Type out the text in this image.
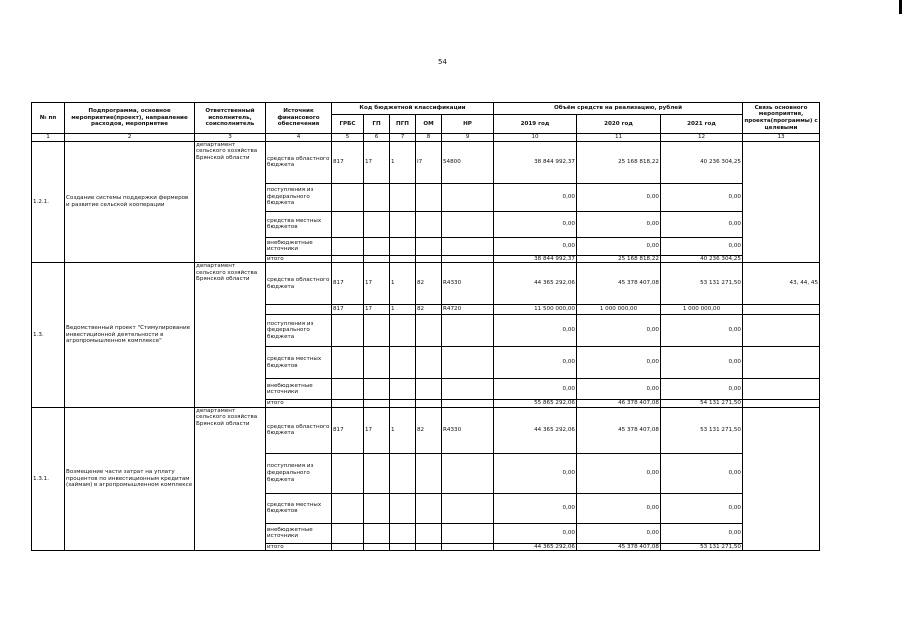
54
№ пп	Подпрограмма, основное мероприятие(проект), направление расходов, мероприятие	Ответственный исполнитель, соисполнитель	Источник финансового обеспечения	Код бюджетной классификации					Объём средств на реализацию, рублей			Связь основного мероприятия, проекта(программы) с целевыми
				ГРБС	ГП	ПГП	ОМ	НР	2019 год	2020 год	2021 год	
1	2	3	4	5	6	7	8	9	10	11	12	13
1.2.1.	Создание системы поддержки фермеров и развитие сельской кооперации	департамент сельского хозяйства Брянской области	средства областного бюджета	817	17	1	I7	54800	38 844 992,37	25 168 818,22	40 236 304,25	
			поступления из федерального бюджета						0,00	0,00	0,00	
			средства местных бюджетов						0,00	0,00	0,00	
			внебюджетные источники						0,00	0,00	0,00	
			итого						38 844 992,37	25 168 818,22	40 236 304,25	
1.3.	Ведомственный проект "Стимулирование инвестиционной деятельности в агропромышленном комплексе"	департамент сельского хозяйства Брянской области	средства областного бюджета	817	17	1	82	R4330	44 365 292,06	45 378 407,08	53 131 271,50	43, 44, 45
				817	17	1	82	R4720	11 500 000,00	1 000 000,00	1 000 000,00	
			поступления из федерального бюджета						0,00	0,00	0,00	
			средства местных бюджетов						0,00	0,00	0,00	
			внебюджетные источники						0,00	0,00	0,00	
			итого						55 865 292,06	46 378 407,08	54 131 271,50	
1.3.1.	Возмещение части затрат на уплату процентов по инвестиционным кредитам (займам) в агропромышленном комплексе	департамент сельского хозяйства Брянской области	средства областного бюджета	817	17	1	82	R4330	44 365 292,06	45 378 407,08	53 131 271,50	
			поступления из федерального бюджета						0,00	0,00	0,00	
			средства местных бюджетов						0,00	0,00	0,00	
			внебюджетные источники						0,00	0,00	0,00	
			итого						44 365 292,06	45 378 407,08	53 131 271,50	
